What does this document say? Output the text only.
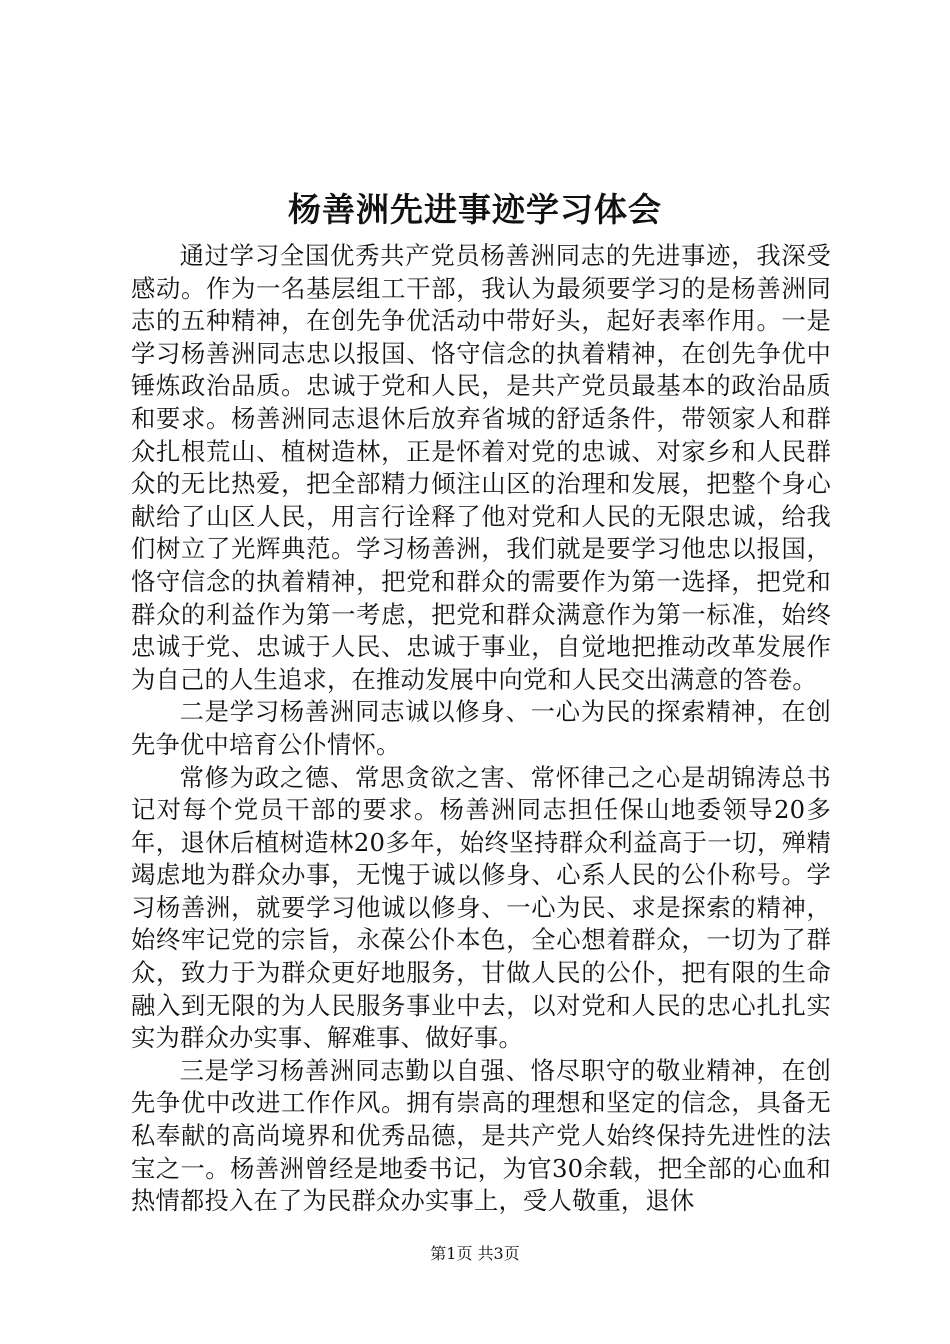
杨善洲先进事迹学习体会

通过学习全国优秀共产党员杨善洲同志的先进事迹，我深受感动。作为一名基层组工干部，我认为最须要学习的是杨善洲同志的五种精神，在创先争优活动中带好头，起好表率作用。一是学习杨善洲同志忠以报国、恪守信念的执着精神，在创先争优中锤炼政治品质。忠诚于党和人民，是共产党员最基本的政治品质和要求。杨善洲同志退休后放弃省城的舒适条件，带领家人和群众扎根荒山、植树造林，正是怀着对党的忠诚、对家乡和人民群众的无比热爱，把全部精力倾注山区的治理和发展，把整个身心献给了山区人民，用言行诠释了他对党和人民的无限忠诚，给我们树立了光辉典范。学习杨善洲，我们就是要学习他忠以报国，恪守信念的执着精神，把党和群众的需要作为第一选择，把党和群众的利益作为第一考虑，把党和群众满意作为第一标准，始终忠诚于党、忠诚于人民、忠诚于事业，自觉地把推动改革发展作为自己的人生追求，在推动发展中向党和人民交出满意的答卷。

二是学习杨善洲同志诚以修身、一心为民的探索精神，在创先争优中培育公仆情怀。

常修为政之德、常思贪欲之害、常怀律己之心是胡锦涛总书记对每个党员干部的要求。杨善洲同志担任保山地委领导20多年，退休后植树造林20多年，始终坚持群众利益高于一切，殚精竭虑地为群众办事，无愧于诚以修身、心系人民的公仆称号。学习杨善洲，就要学习他诚以修身、一心为民、求是探索的精神，始终牢记党的宗旨，永葆公仆本色，全心想着群众，一切为了群众，致力于为群众更好地服务，甘做人民的公仆，把有限的生命融入到无限的为人民服务事业中去，以对党和人民的忠心扎扎实实为群众办实事、解难事、做好事。

三是学习杨善洲同志勤以自强、恪尽职守的敬业精神，在创先争优中改进工作作风。拥有崇高的理想和坚定的信念，具备无私奉献的高尚境界和优秀品德，是共产党人始终保持先进性的法宝之一。杨善洲曾经是地委书记，为官30余载，把全部的心血和热情都投入在了为民群众办实事上，受人敬重，退休

第1页 共3页
